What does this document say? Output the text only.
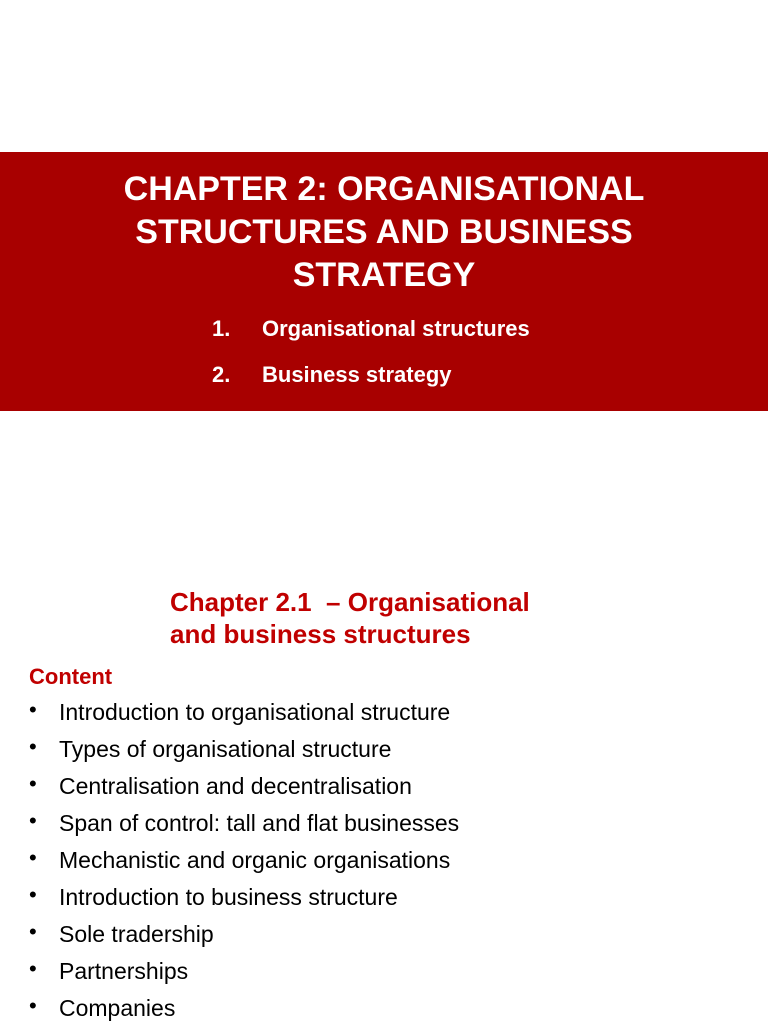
CHAPTER 2: ORGANISATIONAL
STRUCTURES AND BUSINESS
STRATEGY
1. Organisational structures
2. Business strategy
Chapter 2.1  – Organisational
and business structures
Content
• Introduction to organisational structure
• Types of organisational structure
• Centralisation and decentralisation
• Span of control: tall and flat businesses
• Mechanistic and organic organisations
• Introduction to business structure
• Sole tradership
• Partnerships
• Companies
